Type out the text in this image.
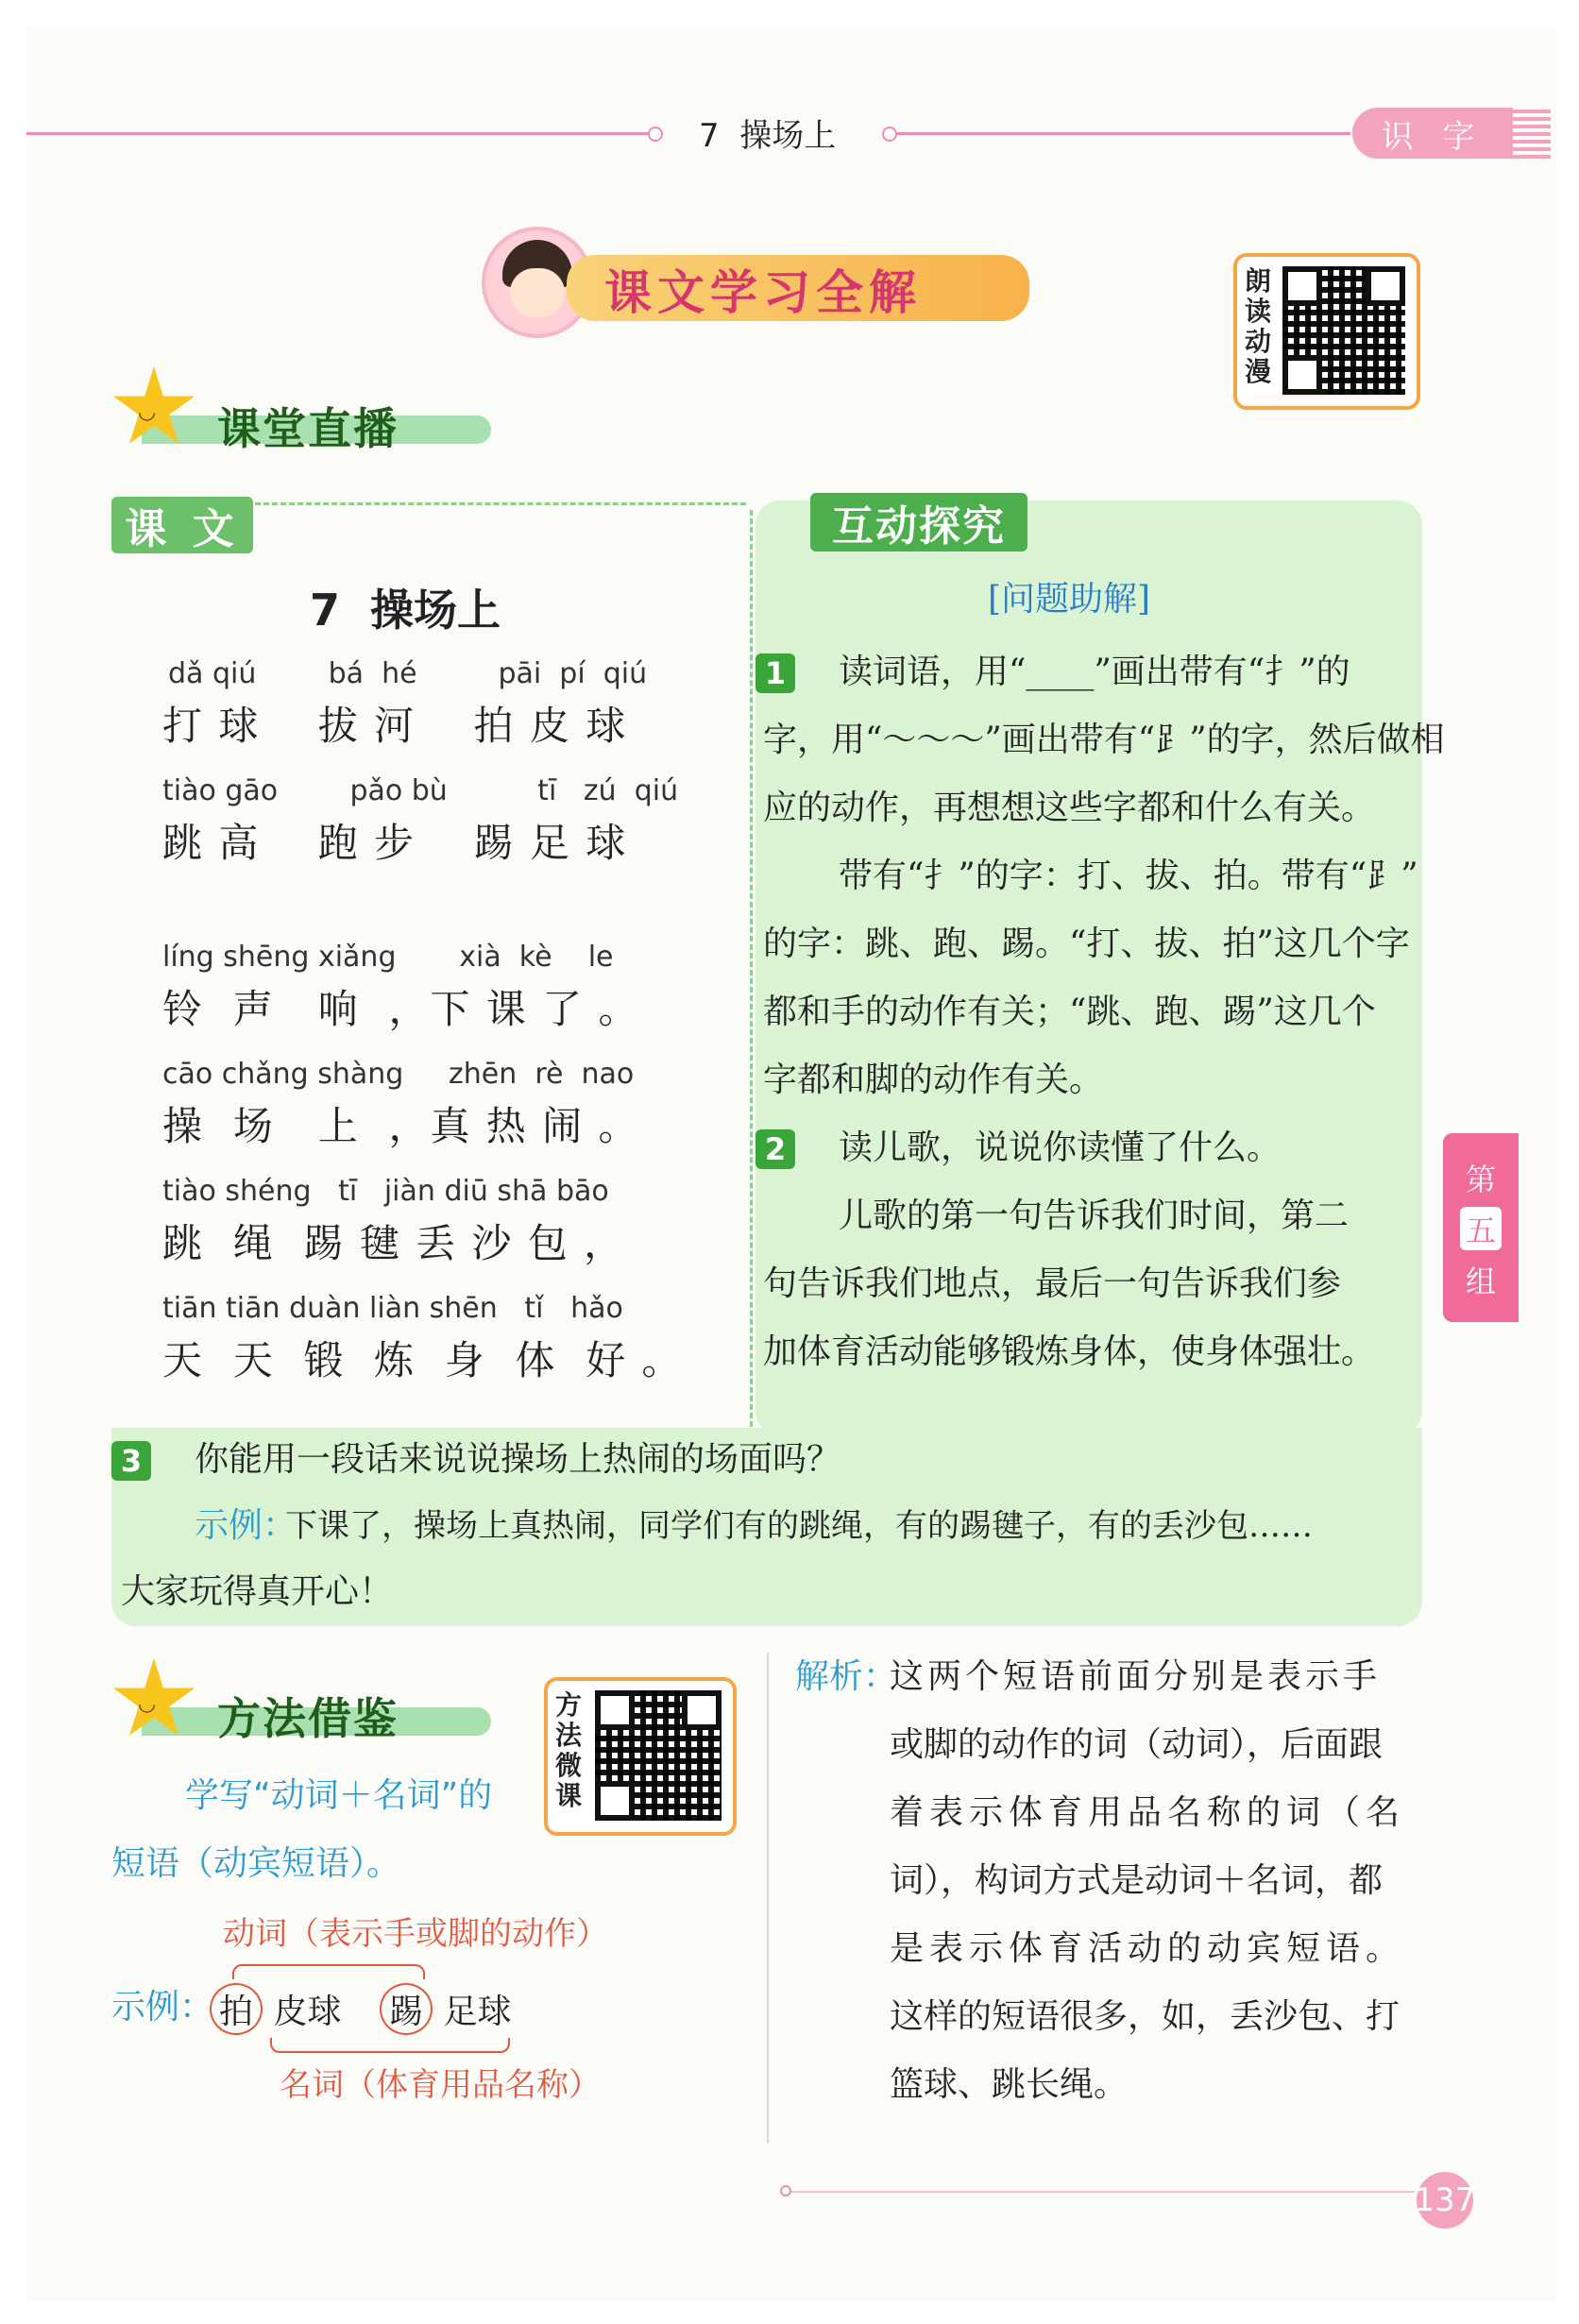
7  操场上	识 字
课文学习全解	朗
读
动
漫
◡ 课堂直播
课 文
7  操场上
dǎ qiú        bá  hé         pāi  pí  qiú
打 球    拔 河    拍 皮 球
tiào gāo        pǎo bù          tī   zú  qiú
跳 高    跑 步    踢 足 球
líng shēng xiǎng       xià  kè    le
铃  声   响  ，下 课 了 。
cāo chǎng shàng     zhēn  rè  nao
操  场   上  ，真 热 闹 。
tiào shéng   tī   jiàn diū shā bāo
跳  绳  踢 毽 丢 沙 包 ，
tiān tiān duàn liàn shēn   tǐ   hǎo
天  天  锻  炼  身  体  好 。
互动探究
[问题助解]
1 读词语，用“____”画出带有“扌”的
字，用“～～～”画出带有“⻊”的字，然后做相
应的动作，再想想这些字都和什么有关。
带有“扌”的字：打、拔、拍。带有“⻊”
的字：跳、跑、踢。“打、拔、拍”这几个字
都和手的动作有关；“跳、跑、踢”这几个
字都和脚的动作有关。
2 读儿歌，说说你读懂了什么。
儿歌的第一句告诉我们时间，第二
句告诉我们地点，最后一句告诉我们参
加体育活动能够锻炼身体，使身体强壮。
第
五
组
3 你能用一段话来说说操场上热闹的场面吗？
示例：
下课了，操场上真热闹，同学们有的跳绳，有的踢毽子，有的丢沙包……
大家玩得真开心！
◡ 方法借鉴	方
法
微
课
学写“动词＋名词”的
短语（动宾短语）。
动词（表示手或脚的动作）
示例： 拍 皮球 踢 足球
名词（体育用品名称）
解析：
这两个短语前面分别是表示手
或脚的动作的词（动词），后面跟
着表示体育用品名称的词（名
词），构词方式是动词＋名词，都
是表示体育活动的动宾短语。
这样的短语很多，如，丢沙包、打
篮球、跳长绳。
137
